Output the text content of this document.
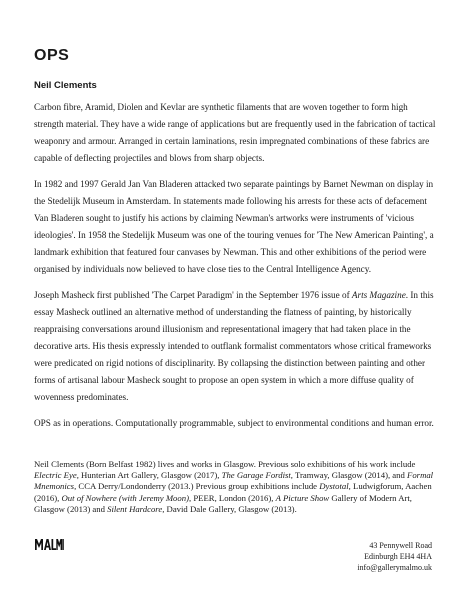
OPS
Neil Clements

Carbon fibre, Aramid, Diolen and Kevlar are synthetic filaments that are woven together to form high strength material. They have a wide range of applications but are frequently used in the fabrication of tactical weaponry and armour. Arranged in certain laminations, resin impregnated combinations of these fabrics are capable of deflecting projectiles and blows from sharp objects.

In 1982 and 1997 Gerald Jan Van Bladeren attacked two separate paintings by Barnet Newman on display in the Stedelijk Museum in Amsterdam. In statements made following his arrests for these acts of defacement Van Bladeren sought to justify his actions by claiming Newman's artworks were instruments of 'vicious ideologies'. In 1958 the Stedelijk Museum was one of the touring venues for 'The New American Painting', a landmark exhibition that featured four canvases by Newman. This and other exhibitions of the period were organised by individuals now believed to have close ties to the Central Intelligence Agency.

Joseph Masheck first published 'The Carpet Paradigm' in the September 1976 issue of Arts Magazine. In this essay Masheck outlined an alternative method of understanding the flatness of painting, by historically reappraising conversations around illusionism and representational imagery that had taken place in the decorative arts. His thesis expressly intended to outflank formalist commentators whose critical frameworks were predicated on rigid notions of disciplinarity. By collapsing the distinction between painting and other forms of artisanal labour Masheck sought to propose an open system in which a more diffuse quality of wovenness predominates.

OPS as in operations. Computationally programmable, subject to environmental conditions and human error.

Neil Clements (Born Belfast 1982) lives and works in Glasgow. Previous solo exhibitions of his work include Electric Eye, Hunterian Art Gallery, Glasgow (2017), The Garage Fordist, Tramway, Glasgow (2014), and Formal Mnemonics, CCA Derry/Londonderry (2013.) Previous group exhibitions include Dystotal, Ludwigforum, Aachen (2016), Out of Nowhere (with Jeremy Moon), PEER, London (2016), A Picture Show Gallery of Modern Art, Glasgow (2013) and Silent Hardcore, David Dale Gallery, Glasgow (2013).

43 Pennywell Road
Edinburgh EH4 4HA
info@gallerymalmo.uk
